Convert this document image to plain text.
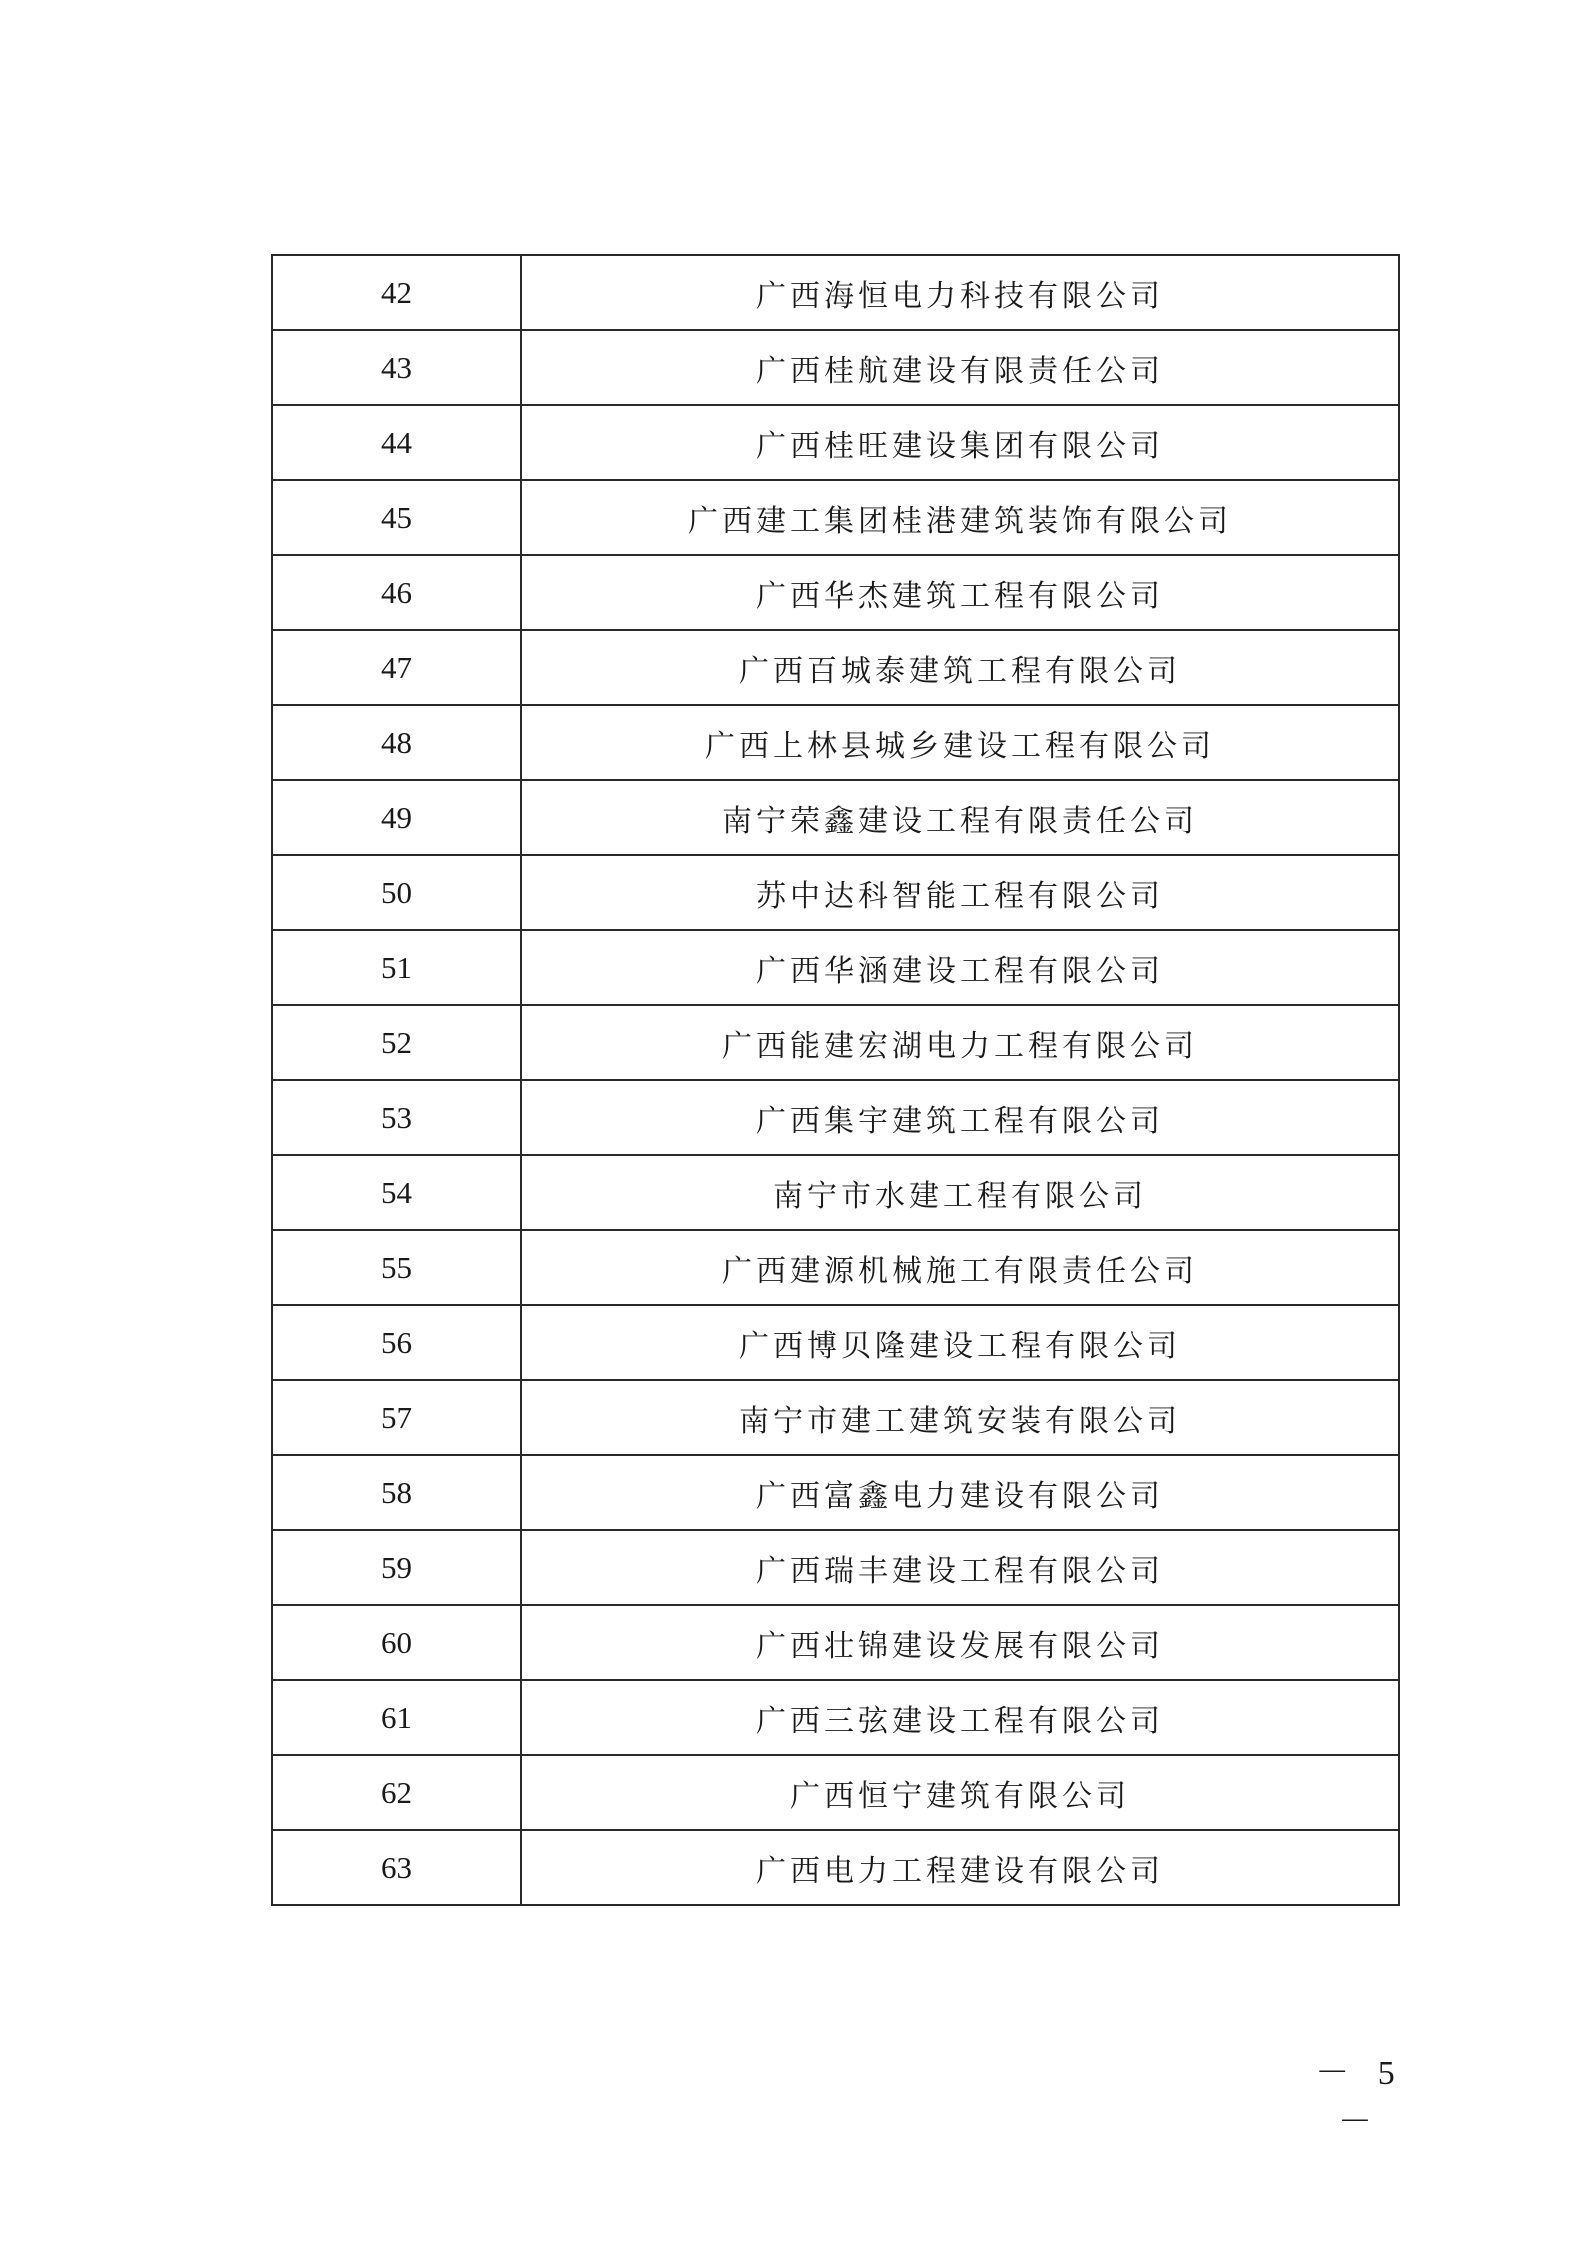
42	广西海恒电力科技有限公司
43	广西桂航建设有限责任公司
44	广西桂旺建设集团有限公司
45	广西建工集团桂港建筑装饰有限公司
46	广西华杰建筑工程有限公司
47	广西百城泰建筑工程有限公司
48	广西上林县城乡建设工程有限公司
49	南宁荣鑫建设工程有限责任公司
50	苏中达科智能工程有限公司
51	广西华涵建设工程有限公司
52	广西能建宏湖电力工程有限公司
53	广西集宇建筑工程有限公司
54	南宁市水建工程有限公司
55	广西建源机械施工有限责任公司
56	广西博贝隆建设工程有限公司
57	南宁市建工建筑安装有限公司
58	广西富鑫电力建设有限公司
59	广西瑞丰建设工程有限公司
60	广西壮锦建设发展有限公司
61	广西三弦建设工程有限公司
62	广西恒宁建筑有限公司
63	广西电力工程建设有限公司
－ 5 －
